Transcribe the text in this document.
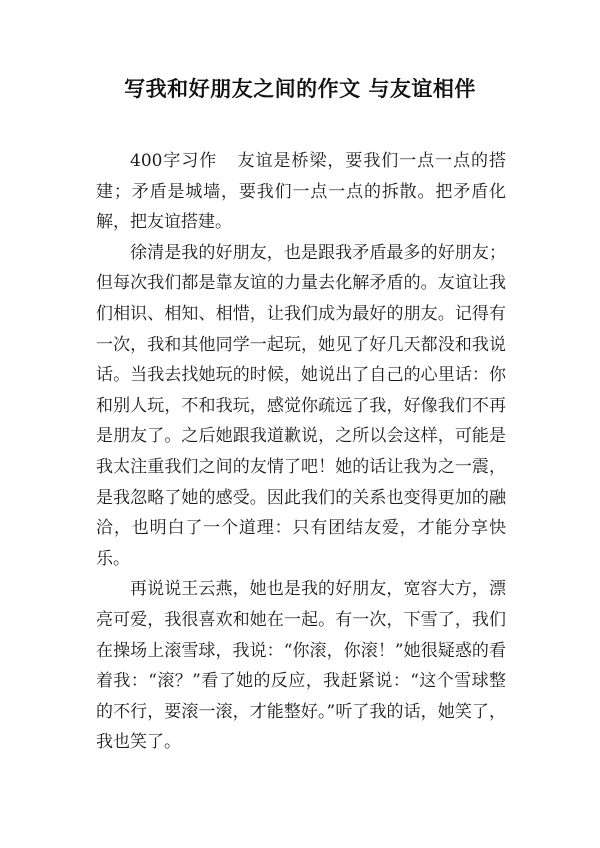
写我和好朋友之间的作文 与友谊相伴

400字习作 友谊是桥梁，要我们一点一点的搭建；矛盾是城墙，要我们一点一点的拆散。把矛盾化解，把友谊搭建。

徐清是我的好朋友，也是跟我矛盾最多的好朋友；但每次我们都是靠友谊的力量去化解矛盾的。友谊让我们相识、相知、相惜，让我们成为最好的朋友。记得有一次，我和其他同学一起玩，她见了好几天都没和我说话。当我去找她玩的时候，她说出了自己的心里话：你和别人玩，不和我玩，感觉你疏远了我，好像我们不再是朋友了。之后她跟我道歉说，之所以会这样，可能是我太注重我们之间的友情了吧！她的话让我为之一震，是我忽略了她的感受。因此我们的关系也变得更加的融洽，也明白了一个道理：只有团结友爱，才能分享快乐。

再说说王云燕，她也是我的好朋友，宽容大方，漂亮可爱，我很喜欢和她在一起。有一次，下雪了，我们在操场上滚雪球，我说：“你滚，你滚！”她很疑惑的看着我：“滚？”看了她的反应，我赶紧说：“这个雪球整的不行，要滚一滚，才能整好。”听了我的话，她笑了，我也笑了。
